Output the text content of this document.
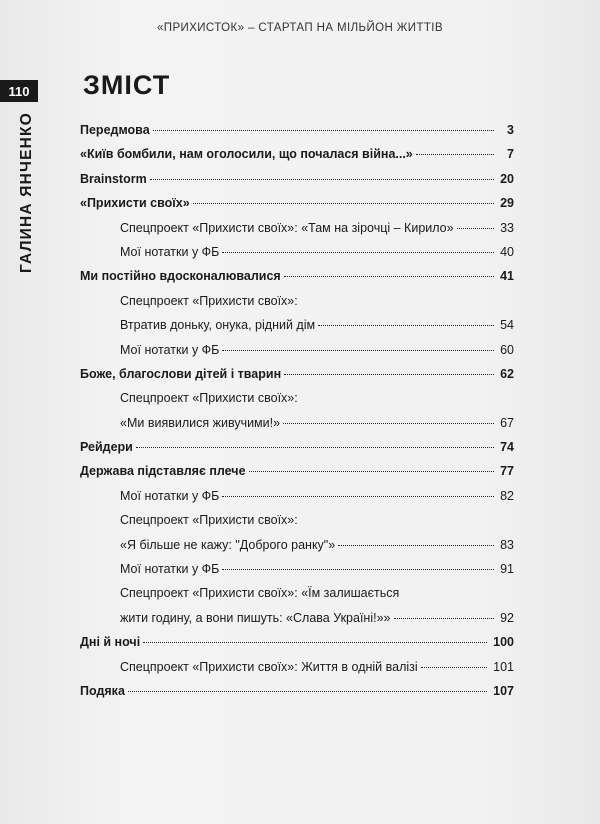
«ПРИХИСТОК» – СТАРТАП НА МІЛЬЙОН ЖИТТІВ
110
ГАЛИНА ЯНЧЕНКО
ЗМІСТ
Передмова	3
«Київ бомбили, нам оголосили, що почалася війна...»	7
Brainstorm	20
«Прихисти своїх»	29
Спецпроект «Прихисти своїх»: «Там на зірочці – Кирило»	33
Мої нотатки у ФБ	40
Ми постійно вдосконалювалися	41
Спецпроект «Прихисти своїх»:
Втратив доньку, онука, рідний дім	54
Мої нотатки у ФБ	60
Боже, благослови дітей і тварин	62
Спецпроект «Прихисти своїх»:
«Ми виявилися живучими!»	67
Рейдери	74
Держава підставляє плече	77
Мої нотатки у ФБ	82
Спецпроект «Прихисти своїх»:
«Я більше не кажу: "Доброго ранку"»	83
Мої нотатки у ФБ	91
Спецпроект «Прихисти своїх»: «Їм залишається
жити годину, а вони пишуть: «Слава Україні!»»	92
Дні й ночі	100
Спецпроект «Прихисти своїх»: Життя в одній валізі	101
Подяка	107
